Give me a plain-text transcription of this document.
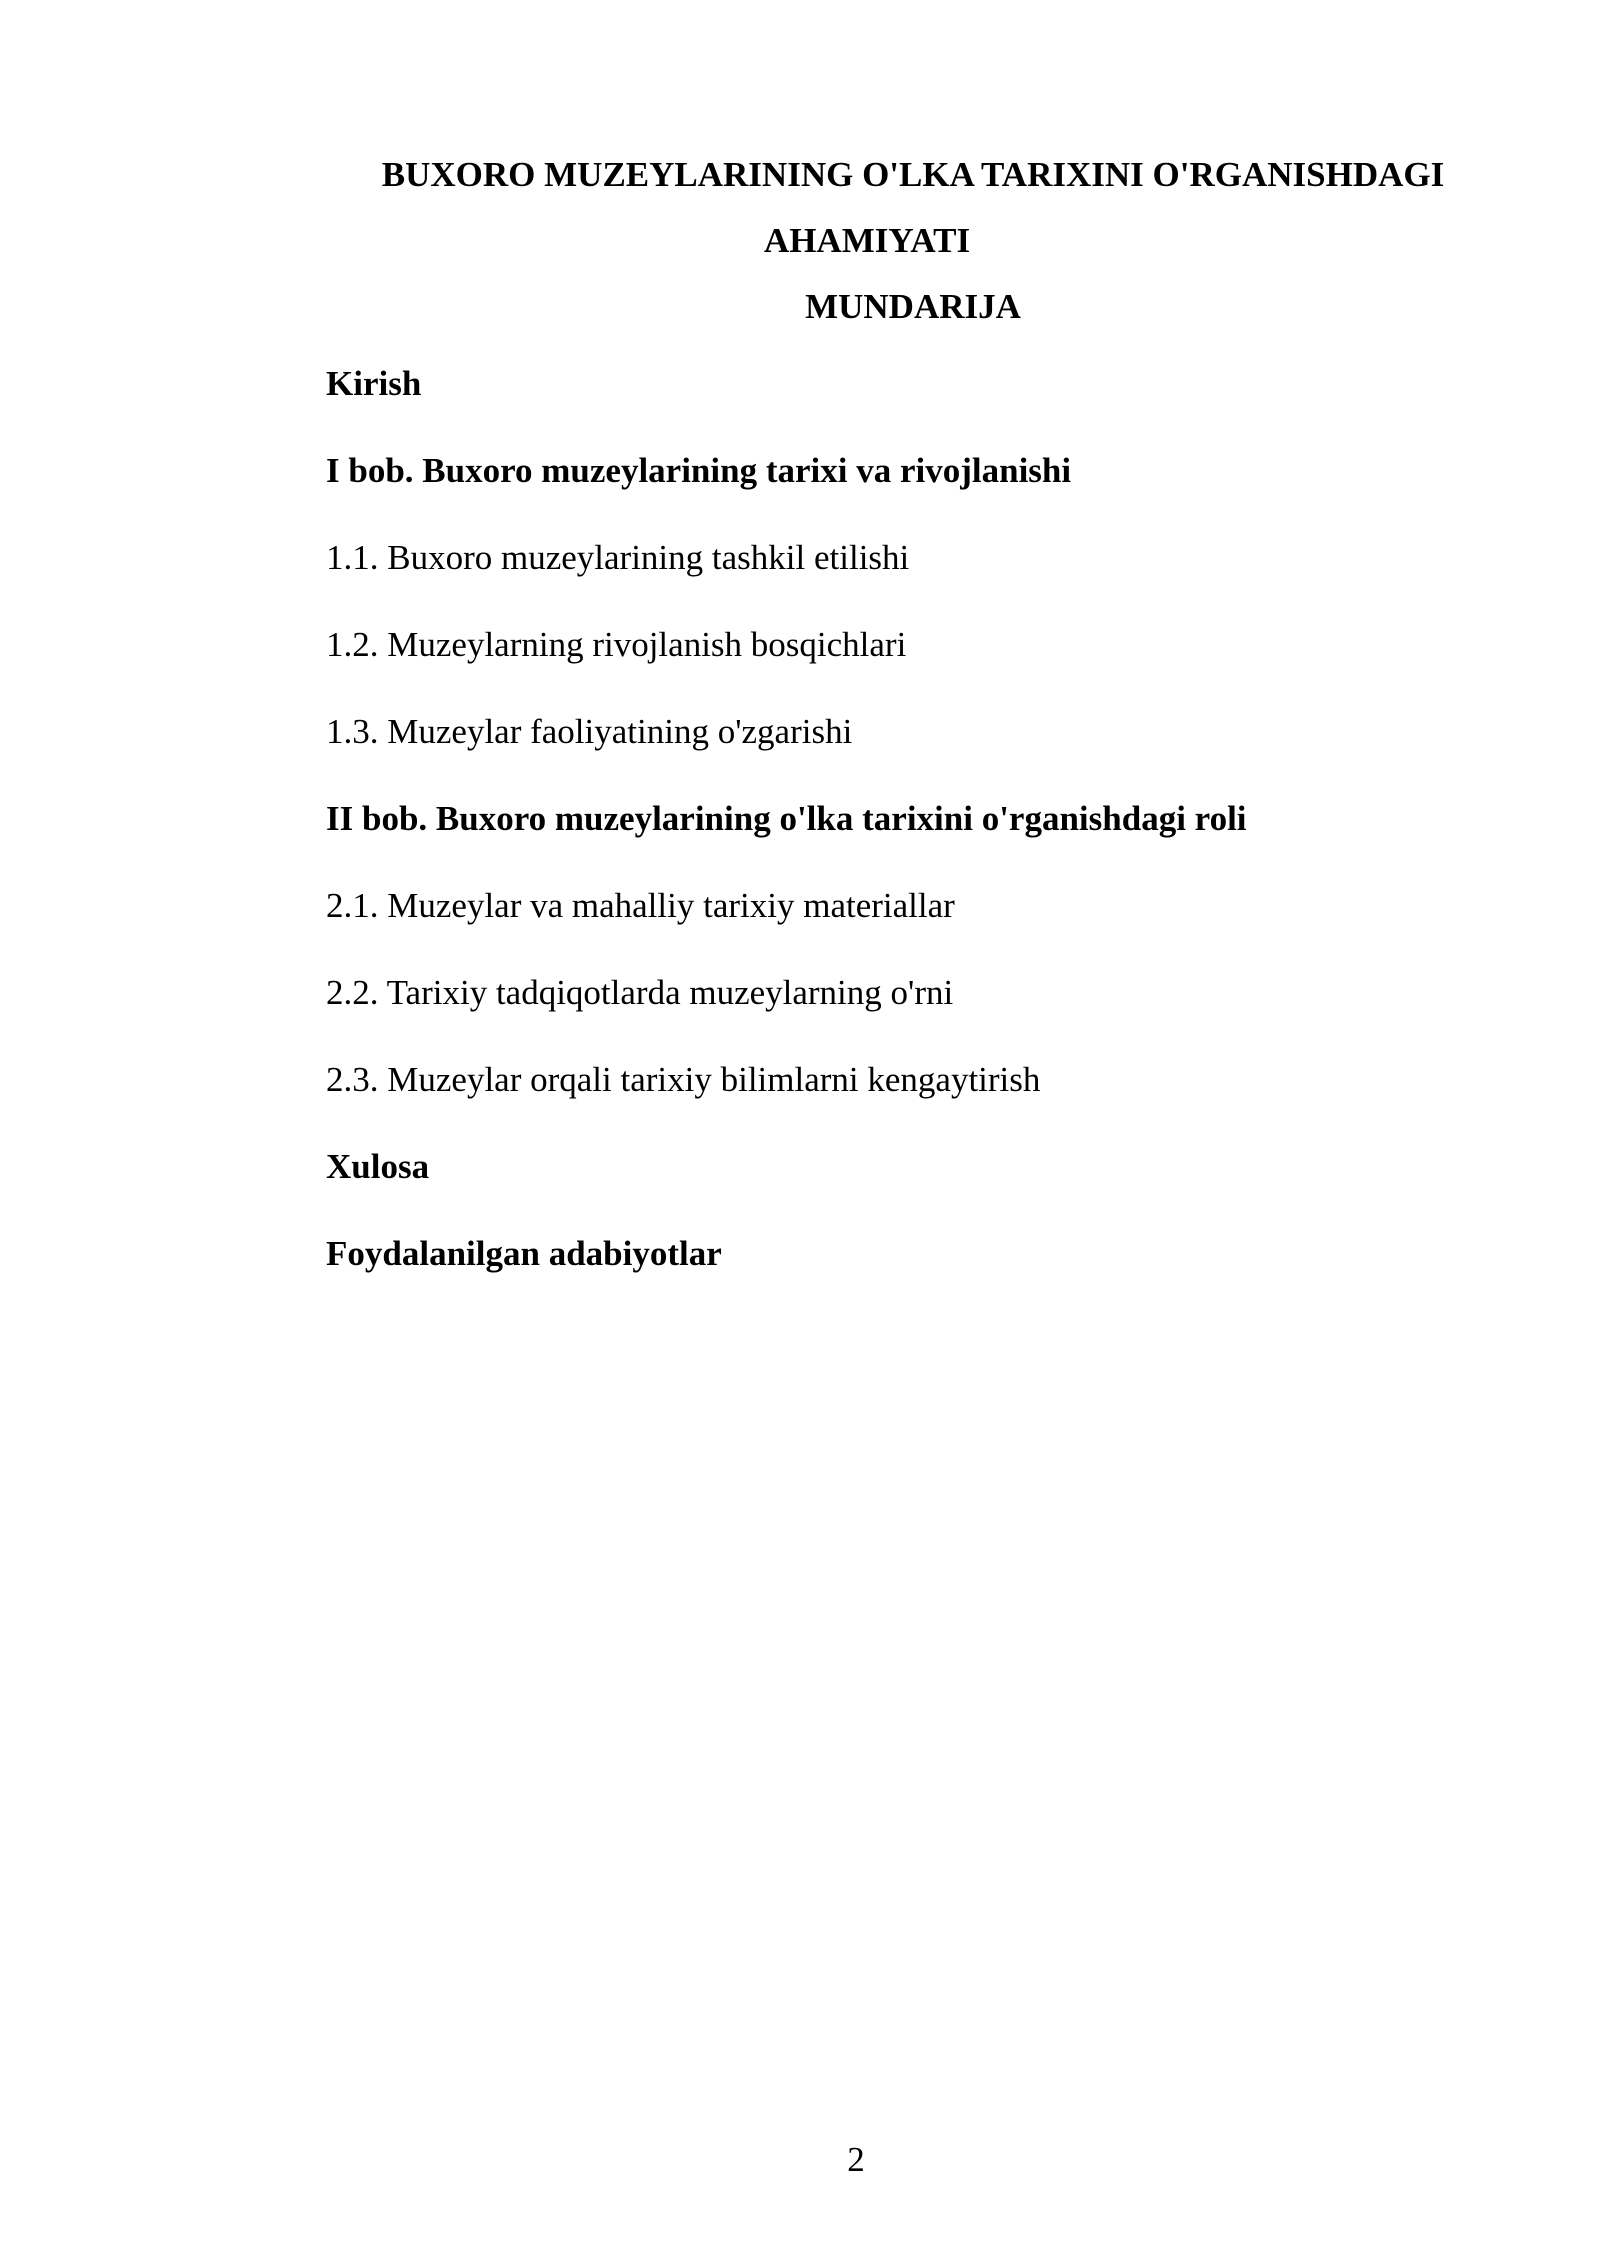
BUXORO MUZEYLARINING O'LKA TARIXINI O'RGANISHDAGI
AHAMIYATI
MUNDARIJA
Kirish
I bob. Buxoro muzeylarining tarixi va rivojlanishi
1.1. Buxoro muzeylarining tashkil etilishi
1.2. Muzeylarning rivojlanish bosqichlari
1.3. Muzeylar faoliyatining o'zgarishi
II bob. Buxoro muzeylarining o'lka tarixini o'rganishdagi roli
2.1. Muzeylar va mahalliy tarixiy materiallar
2.2. Tarixiy tadqiqotlarda muzeylarning o'rni
2.3. Muzeylar orqali tarixiy bilimlarni kengaytirish
Xulosa
Foydalanilgan adabiyotlar
2
